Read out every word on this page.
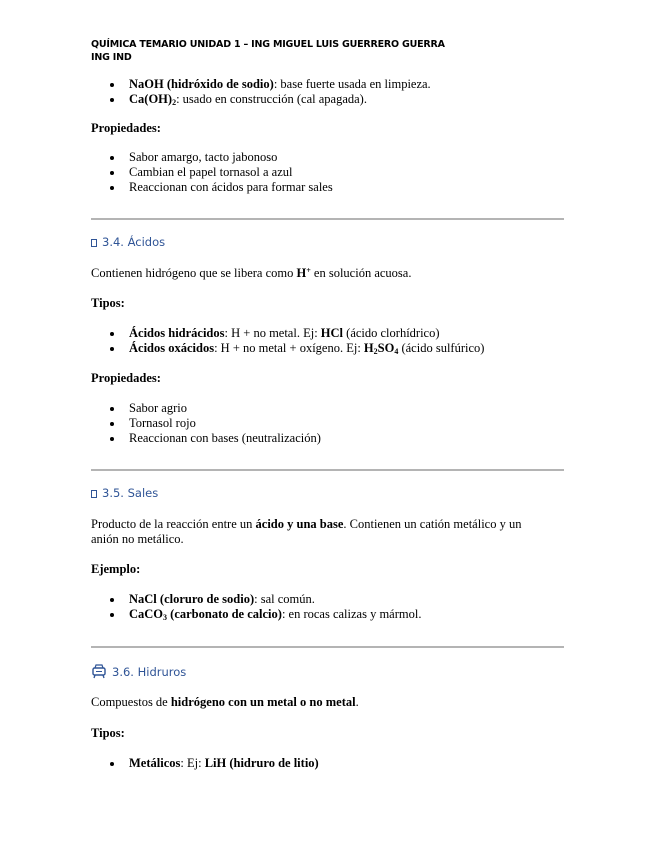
QUÍMICA TEMARIO UNIDAD 1 – ING MIGUEL LUIS GUERRERO GUERRA
ING IND
NaOH (hidróxido de sodio): base fuerte usada en limpieza.
$Ca(OH)_2$: usado en construcción (cal apagada).
Propiedades:
Sabor amargo, tacto jabonoso
Cambian el papel tornasol a azul
Reaccionan con ácidos para formar sales
3.4. Ácidos
Contienen hidrógeno que se libera como H+ en solución acuosa.
Tipos:
Ácidos hidrácidos: H + no metal. Ej: HCl (ácido clorhídrico)
Ácidos oxácidos: H + no metal + oxígeno. Ej: $H_2SO_4$ (ácido sulfúrico)
Propiedades:
Sabor agrio
Tornasol rojo
Reaccionan con bases (neutralización)
3.5. Sales
Producto de la reacción entre un ácido y una base. Contienen un catión metálico y un
anión no metálico.
Ejemplo:
NaCl (cloruro de sodio): sal común.
CaCO$_3$ (carbonato de calcio): en rocas calizas y mármol.
3.6. Hidruros
Compuestos de hidrógeno con un metal o no metal.
Tipos:
Metálicos: Ej: LiH (hidruro de litio)
